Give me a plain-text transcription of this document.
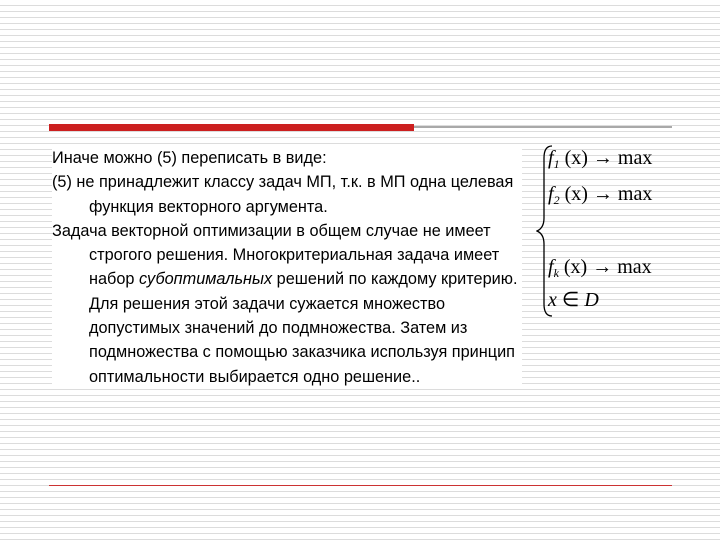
Иначе можно (5) переписать в виде:

(5) не принадлежит классу задач МП, т.к. в МП одна целевая функция векторного аргумента.

Задача векторной оптимизации в общем случае не имеет строгого решения. Многокритериальная задача имеет набор субоптимальных решений по каждому критерию. Для решения этой задачи сужается множество допустимых значений до подмножества. Затем из подмножества с помощью заказчика используя принцип оптимальности выбирается одно решение..

$f_1$ (x) → max
$f_2$ (x) → max
$f_k$ (x) → max
x ∈ D
